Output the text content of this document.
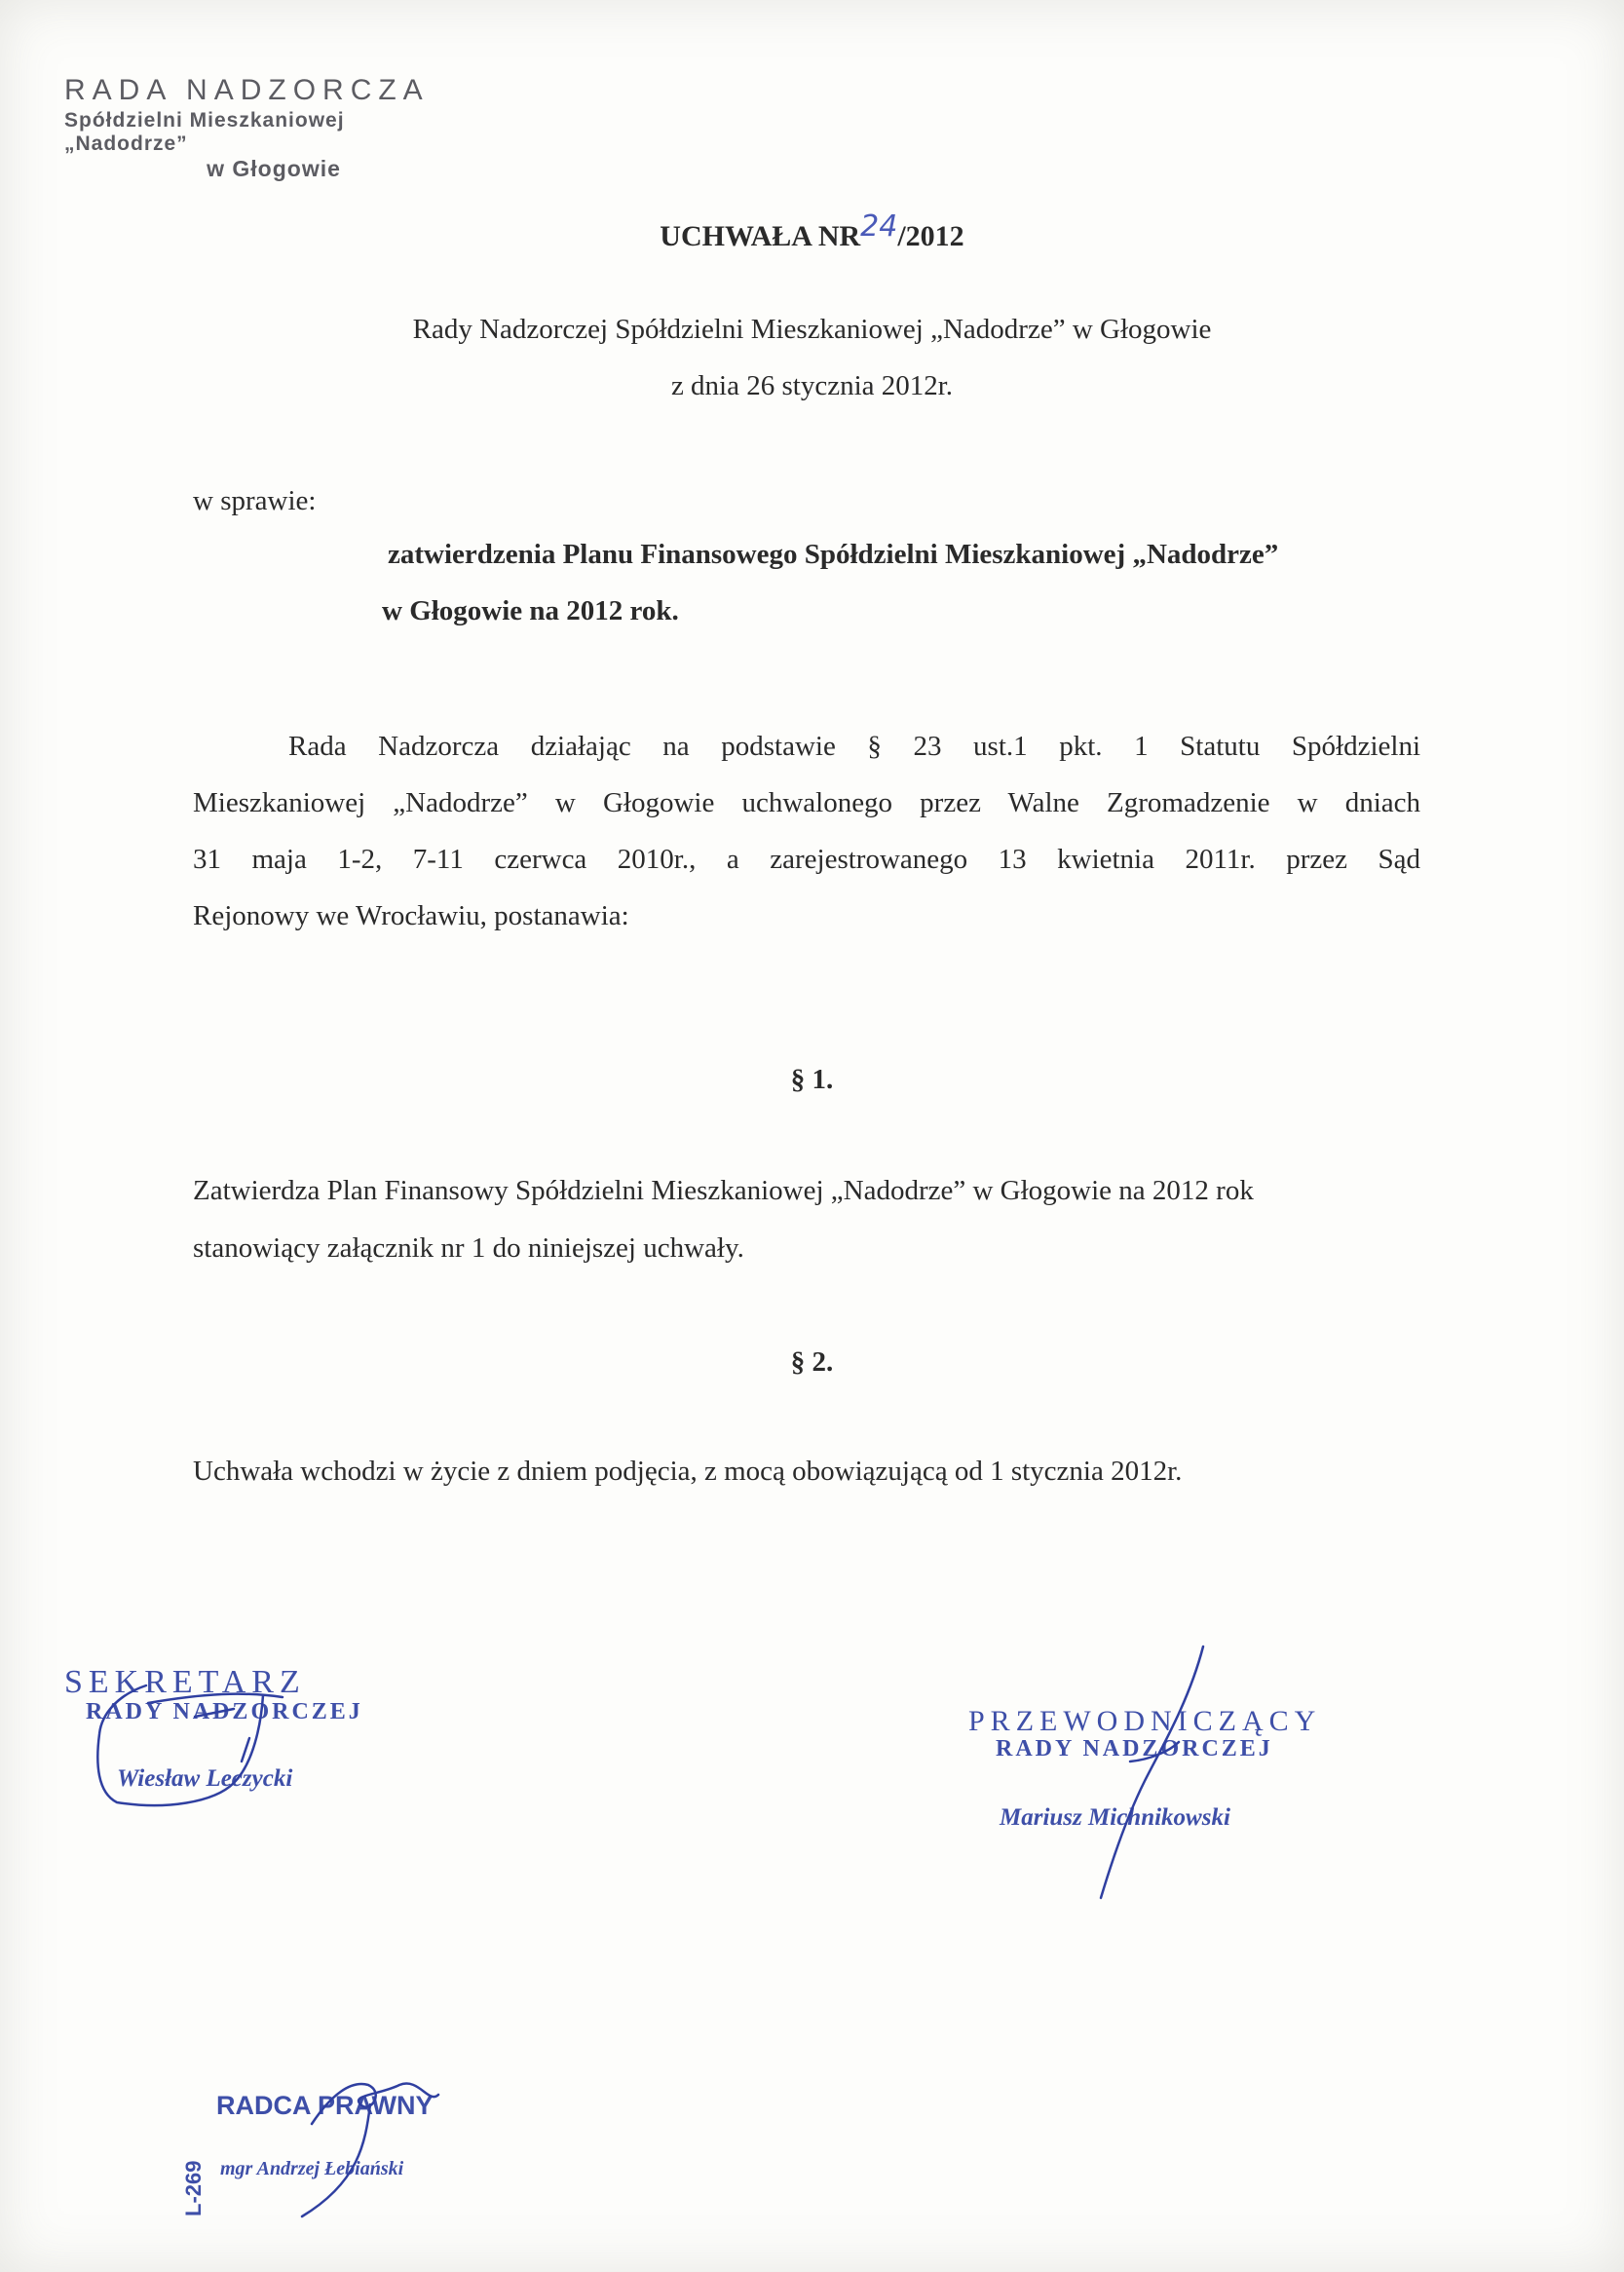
RADA NADZORCZA
Spółdzielni Mieszkaniowej „Nadodrze”
w Głogowie
UCHWAŁA NR24/2012
Rady Nadzorczej Spółdzielni Mieszkaniowej „Nadodrze” w Głogowie
z dnia 26 stycznia 2012r.
w sprawie:
zatwierdzenia Planu Finansowego Spółdzielni Mieszkaniowej „Nadodrze”
w Głogowie na 2012 rok.
Rada Nadzorcza działając na podstawie § 23 ust.1 pkt. 1 Statutu Spółdzielni
Mieszkaniowej „Nadodrze” w Głogowie uchwalonego przez Walne Zgromadzenie w dniach
31 maja 1-2, 7-11 czerwca 2010r., a zarejestrowanego 13 kwietnia 2011r. przez Sąd
Rejonowy we Wrocławiu, postanawia:
§ 1.
Zatwierdza Plan Finansowy Spółdzielni Mieszkaniowej „Nadodrze” w Głogowie na 2012 rok
stanowiący załącznik nr 1 do niniejszej uchwały.
§ 2.
Uchwała wchodzi w życie z dniem podjęcia, z mocą obowiązującą od 1 stycznia 2012r.
SEKRETARZ
RADY NADZORCZEJ
Wiesław Leczycki
PRZEWODNICZĄCY
RADY NADZORCZEJ
Mariusz Michnikowski
L-269
RADCA PRAWNY
mgr Andrzej Łebiański
